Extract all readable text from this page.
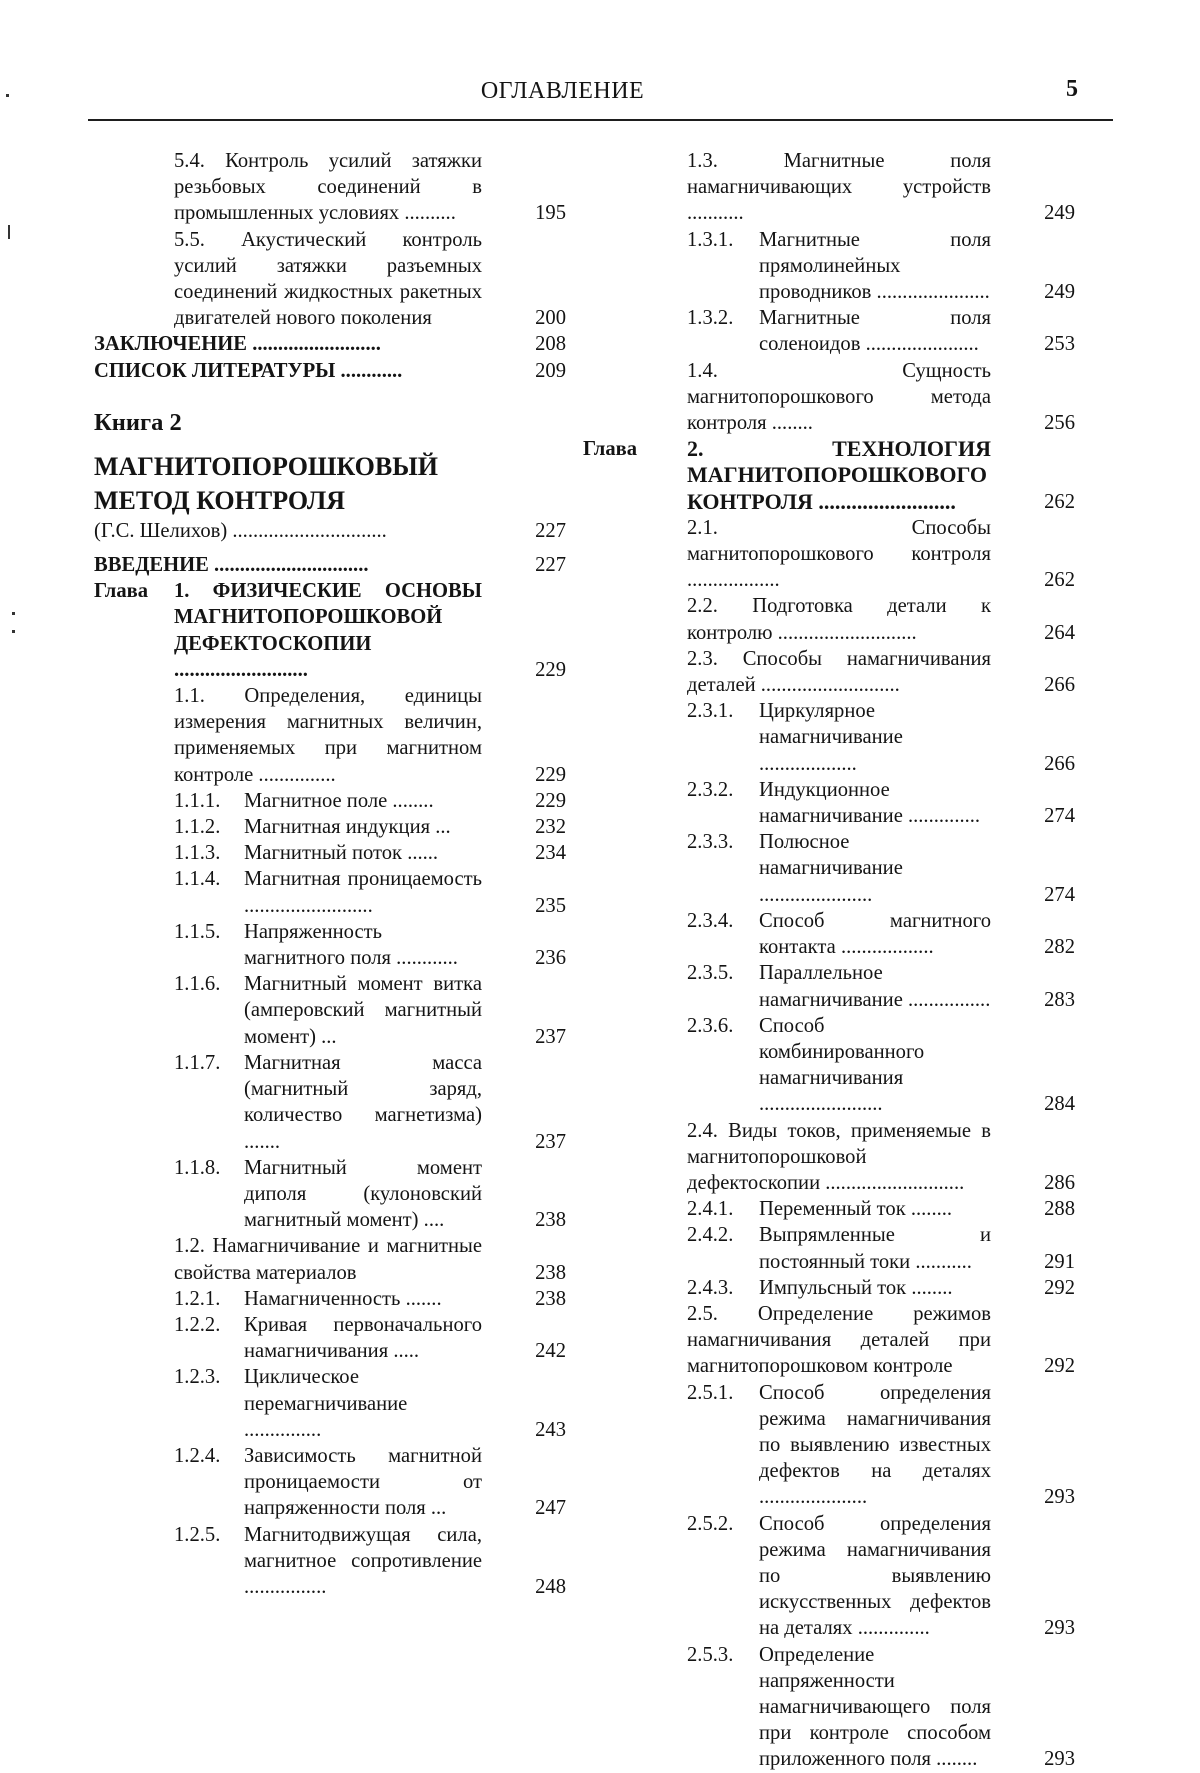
ОГЛАВЛЕНИЕ	5
5.4. Контроль усилий затяжки резьбовых соединений в промышленных условиях ..........	195
5.5. Акустический контроль усилий затяжки разъемных соединений жидкостных ракетных двигателей нового поколения	200
ЗАКЛЮЧЕНИЕ .........................	208
СПИСОК ЛИТЕРАТУРЫ ............	209
Книга 2
МАГНИТОПОРОШКОВЫЙ
МЕТОД КОНТРОЛЯ
(Г.С. Шелихов) ..............................	227
ВВЕДЕНИЕ ..............................	227
Глава 1. ФИЗИЧЕСКИЕ ОСНОВЫ МАГНИТОПОРОШКОВОЙ ДЕФЕКТОСКОПИИ ..........................	229
1.1. Определения, единицы измерения магнитных величин, применяемых при магнитном контроле ...............	229
1.1.1. Магнитное поле ........	229
1.1.2. Магнитная индукция ...	232
1.1.3. Магнитный поток ......	234
1.1.4. Магнитная проницаемость .........................	235
1.1.5. Напряженность магнитного поля ............	236
1.1.6. Магнитный момент витка (амперовский магнитный момент) ...	237
1.1.7. Магнитная масса (магнитный заряд, количество магнетизма) .......	237
1.1.8. Магнитный момент диполя (кулоновский магнитный момент) ....	238
1.2. Намагничивание и магнитные свойства материалов	238
1.2.1. Намагниченность .......	238
1.2.2. Кривая первоначального намагничивания .....	242
1.2.3. Циклическое перемагничивание ...............	243
1.2.4. Зависимость магнитной проницаемости от напряженности поля ...	247
1.2.5. Магнитодвижущая сила, магнитное сопротивление ................	248
1.3. Магнитные поля намагничивающих устройств ...........	249
1.3.1. Магнитные поля прямолинейных проводников ......................	249
1.3.2. Магнитные поля соленоидов ......................	253
1.4. Сущность магнитопорошкового метода контроля ........	256
Глава 2. ТЕХНОЛОГИЯ МАГНИТОПОРОШКОВОГО КОНТРОЛЯ .........................	262
2.1. Способы магнитопорошкового контроля ..................	262
2.2. Подготовка детали к контролю ...........................	264
2.3. Способы намагничивания деталей ...........................	266
2.3.1. Циркулярное намагничивание ...................	266
2.3.2. Индукционное намагничивание ..............	274
2.3.3. Полюсное намагничивание ......................	274
2.3.4. Способ магнитного контакта ..................	282
2.3.5. Параллельное намагничивание ................	283
2.3.6. Способ комбинированного намагничивания ........................	284
2.4. Виды токов, применяемые в магнитопорошковой дефектоскопии ...........................	286
2.4.1. Переменный ток ........	288
2.4.2. Выпрямленные и постоянный токи ...........	291
2.4.3. Импульсный ток ........	292
2.5. Определение режимов намагничивания деталей при магнитопорошковом контроле	292
2.5.1. Способ определения режима намагничивания по выявлению известных дефектов на деталях .....................	293
2.5.2. Способ определения режима намагничивания по выявлению искусственных дефектов на деталях ..............	293
2.5.3. Определение напряженности намагничивающего поля при контроле способом приложенного поля ........	293
